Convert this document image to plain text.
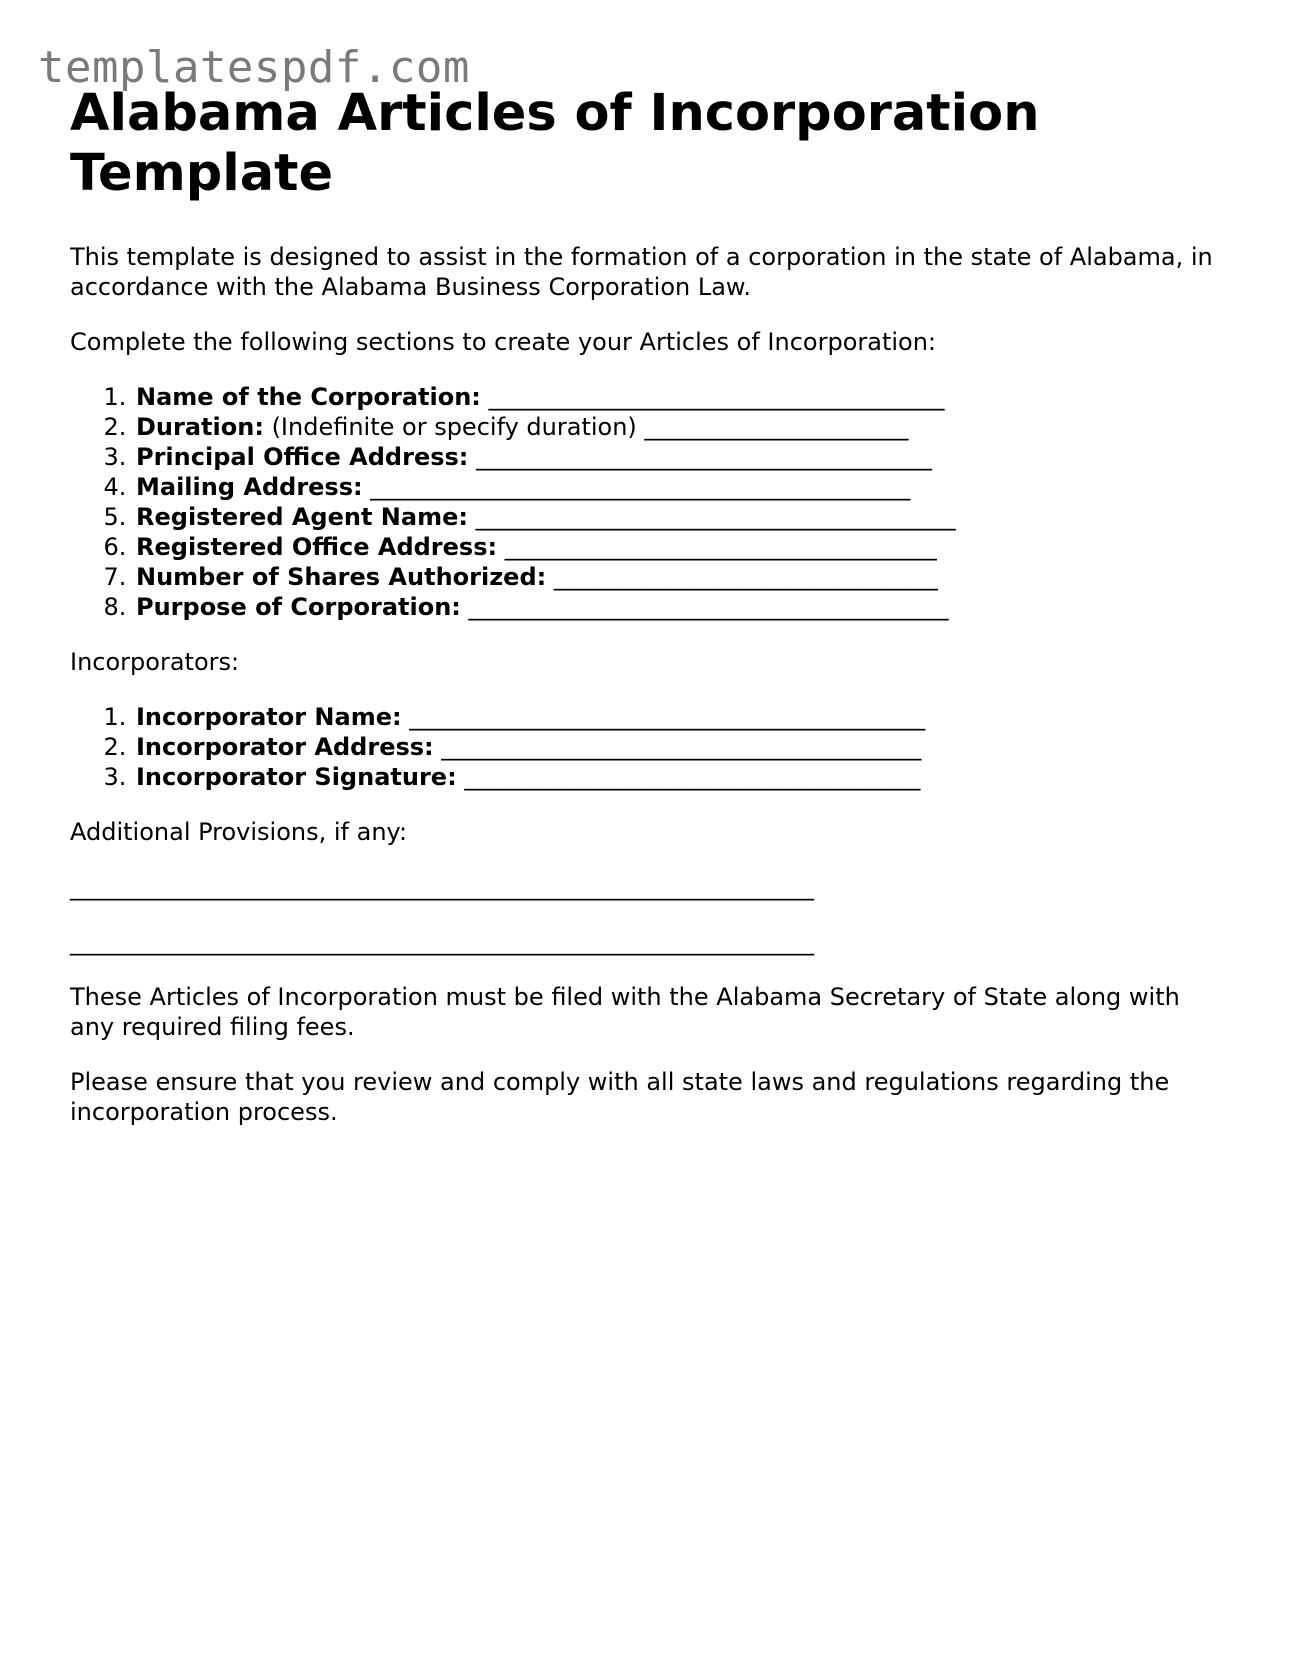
templatespdf.com
Alabama Articles of Incorporation Template

This template is designed to assist in the formation of a corporation in the state of Alabama, in accordance with the Alabama Business Corporation Law.

Complete the following sections to create your Articles of Incorporation:

1. Name of the Corporation: ______________________________________
2. Duration: (Indefinite or specify duration) ______________________
3. Principal Office Address: ______________________________________
4. Mailing Address: _____________________________________________
5. Registered Agent Name: ________________________________________
6. Registered Office Address: ____________________________________
7. Number of Shares Authorized: ________________________________
8. Purpose of Corporation: ________________________________________

Incorporators:

1. Incorporator Name: ___________________________________________
2. Incorporator Address: ________________________________________
3. Incorporator Signature: ______________________________________

Additional Provisions, if any:

______________________________________________________________
______________________________________________________________

These Articles of Incorporation must be filed with the Alabama Secretary of State along with any required filing fees.

Please ensure that you review and comply with all state laws and regulations regarding the incorporation process.
